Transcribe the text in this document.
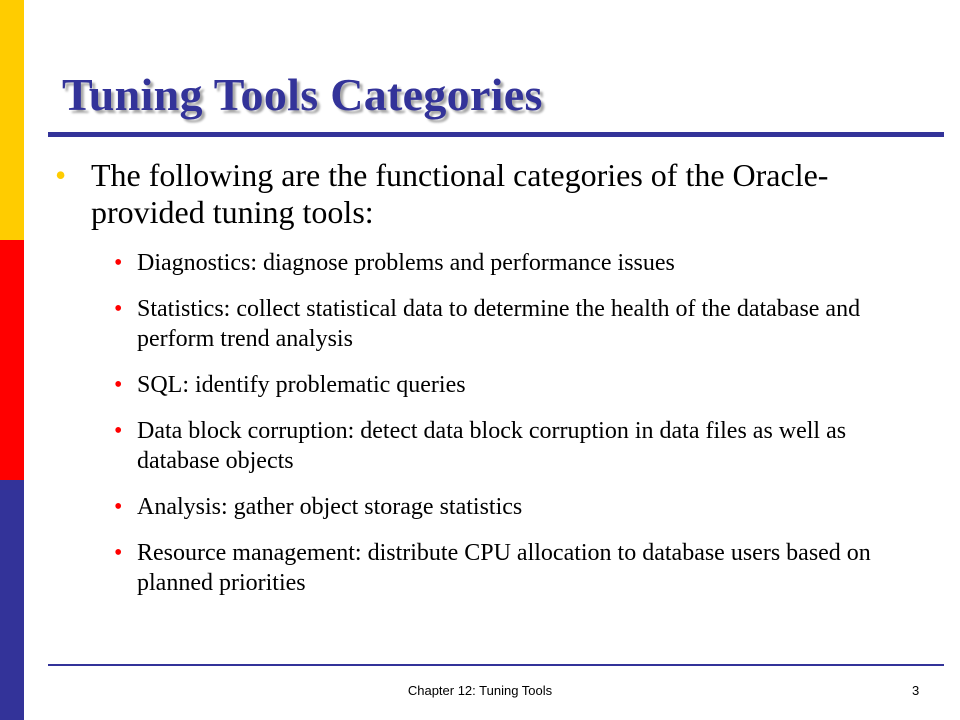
Tuning Tools Categories
• The following are the functional categories of the Oracle-provided tuning tools:

• Diagnostics: diagnose problems and performance issues
• Statistics: collect statistical data to determine the health of the database and perform trend analysis
• SQL: identify problematic queries
• Data block corruption: detect data block corruption in data files as well as database objects
• Analysis: gather object storage statistics
• Resource management: distribute CPU allocation to database users based on planned priorities
Chapter 12: Tuning Tools	3
